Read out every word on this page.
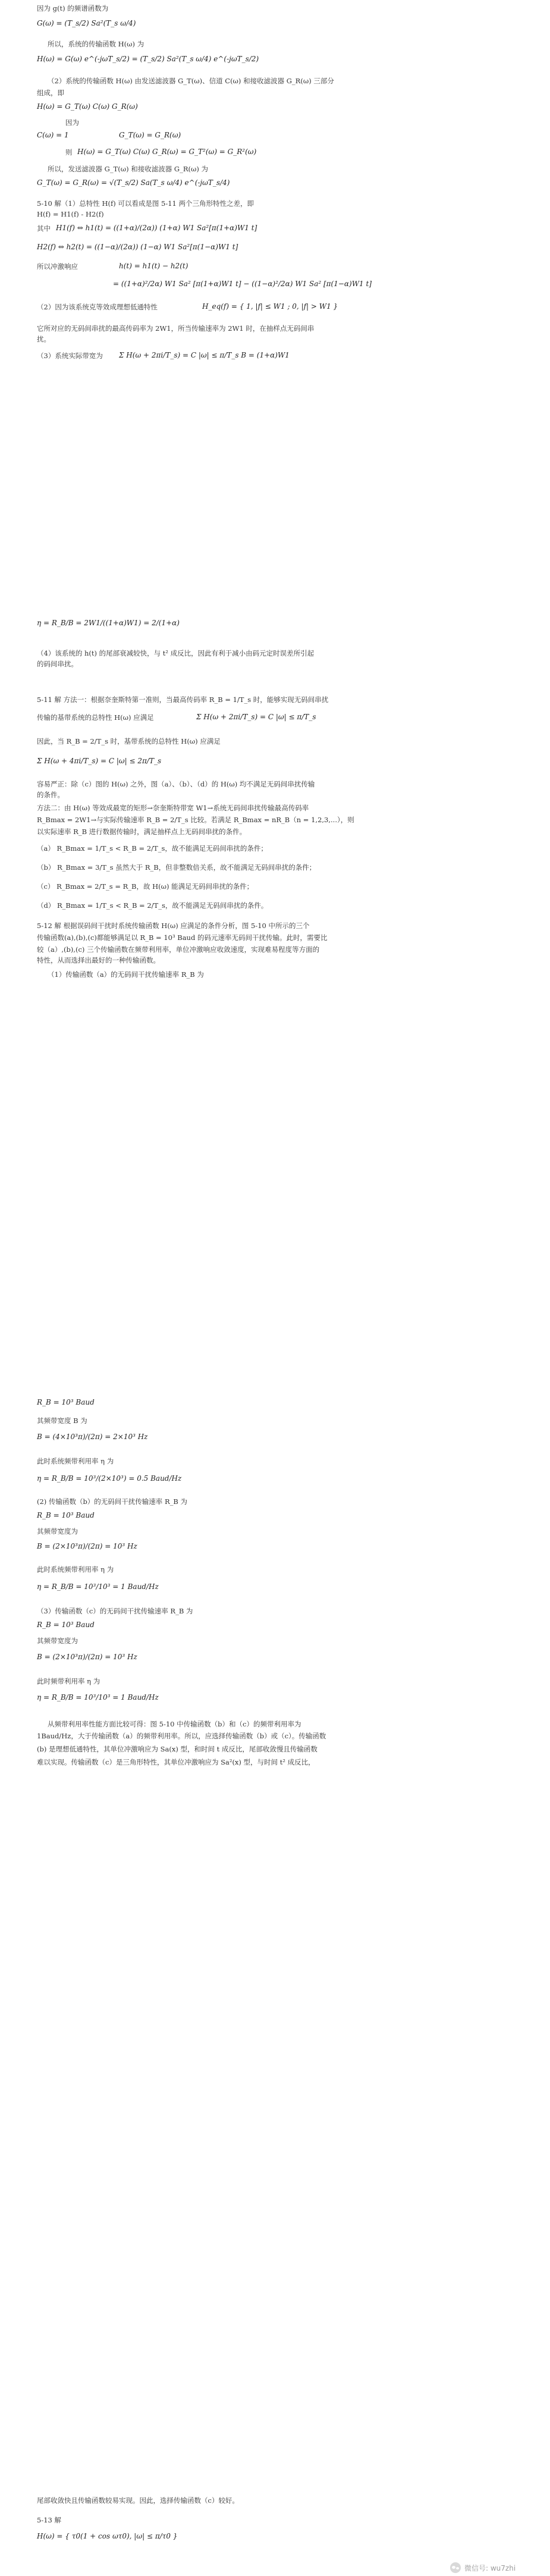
因为 g(t) 的频谱函数为
G(ω) = (T_s/2) Sa²(T_s ω/4)
所以，系统的传输函数 H(ω) 为
H(ω) = G(ω) e^(-jωT_s/2) = (T_s/2) Sa²(T_s ω/4) e^(-jωT_s/2)
（2）系统的传输函数 H(ω) 由发送滤波器 G_T(ω)、信道 C(ω) 和接收滤波器 G_R(ω) 三部分
组成，即
H(ω) = G_T(ω) C(ω) G_R(ω)
因为
C(ω) = 1	G_T(ω) = G_R(ω)
则 H(ω) = G_T(ω) C(ω) G_R(ω) = G_T²(ω) = G_R²(ω)
所以，发送滤波器 G_T(ω) 和接收滤波器 G_R(ω) 为
G_T(ω) = G_R(ω) = √(T_s/2) Sa(T_s ω/4) e^(-jωT_s/4)
5-10 解（1）总特性 H(f) 可以看成是图 5-11 两个三角形特性之差，即
H(f) = H1(f) - H2(f)
其中 H1(f) ⇔ h1(t) = ((1+α)/(2α)) (1+α) W1 Sa²[π(1+α)W1 t]
H2(f) ⇔ h2(t) = ((1−α)/(2α)) (1−α) W1 Sa²[π(1−α)W1 t]
所以冲激响应	h(t) = h1(t) − h2(t)
= ((1+α)²/2α) W1 Sa² [π(1+α)W1 t] − ((1−α)²/2α) W1 Sa² [π(1−α)W1 t]
（2）因为该系统克等效成理想低通特性	H_eq(f) = { 1, |f| ≤ W1 ; 0, |f| > W1 }
它所对应的无码间串扰的最高传码率为 2W1，所当传输速率为 2W1 时，在抽样点无码间串
扰。
（3）系统实际带宽为 Σ H(ω + 2πi/T_s) = C |ω| ≤ π/T_s B = (1+α)W1
η = R_B/B = 2W1/((1+α)W1) = 2/(1+α)
（4）该系统的 h(t) 的尾部衰减较快，与 t² 成反比，因此有利于减小由码元定时误差所引起
的码间串扰。
5-11 解 方法一：根据奈奎斯特第一准则，当最高传码率 R_B = 1/T_s 时，能够实现无码间串扰
传输的基带系统的总特性 H(ω) 应满足	Σ H(ω + 2πi/T_s) = C |ω| ≤ π/T_s
因此，当 R_B = 2/T_s 时，基带系统的总特性 H(ω) 应满足
Σ H(ω + 4πi/T_s) = C |ω| ≤ 2π/T_s
容易严正：除（c）图的 H(ω) 之外，图（a）、（b）、（d）的 H(ω) 均不满足无码间串扰传输
的条件。
方法二：由 H(ω) 等效成最宽的矩形→奈奎斯特带宽 W1→系统无码间串扰传输最高传码率
R_Bmax = 2W1→与实际传输速率 R_B = 2/T_s 比较。若满足 R_Bmax = nR_B（n = 1,2,3,...），则
以实际速率 R_B 进行数据传输时，满足抽样点上无码间串扰的条件。
（a） R_Bmax = 1/T_s < R_B = 2/T_s，故不能满足无码间串扰的条件；
（b） R_Bmax = 3/T_s 虽然大于 R_B，但非整数倍关系，故不能满足无码间串扰的条件；
（c） R_Bmax = 2/T_s = R_B，故 H(ω) 能满足无码间串扰的条件；
（d） R_Bmax = 1/T_s < R_B = 2/T_s，故不能满足无码间串扰的条件。
5-12 解 根据误码间干扰时系统传输函数 H(ω) 应满足的条件分析，图 5-10 中所示的三个
传输函数(a),(b),(c)都能够满足以 R_B = 10³ Baud 的码元速率无码间干扰传输。此时，需要比
较（a）,(b),(c) 三个传输函数在频带利用率，单位冲激响应收敛速度，实现难易程度等方面的
特性，从而选择出最好的一种传输函数。
（1）传输函数（a）的无码间干扰传输速率 R_B 为
R_B = 10³ Baud
其频带宽度 B 为
B = (4×10³π)/(2π) = 2×10³ Hz
此时系统频带利用率 η 为
η = R_B/B = 10³/(2×10³) = 0.5 Baud/Hz
(2) 传输函数（b）的无码间干扰传输速率 R_B 为
R_B = 10³ Baud
其频带宽度为
B = (2×10³π)/(2π) = 10³ Hz
此时系统频带利用率 η 为
η = R_B/B = 10³/10³ = 1 Baud/Hz
（3）传输函数（c）的无码间干扰传输速率 R_B 为
R_B = 10³ Baud
其频带宽度为
B = (2×10³π)/(2π) = 10³ Hz
此时频带利用率 η 为
η = R_B/B = 10³/10³ = 1 Baud/Hz
从频带利用率性能方面比较可得：图 5-10 中传输函数（b）和（c）的频带利用率为
1Baud/Hz，大于传输函数（a）的频带利用率。所以，应选择传输函数（b）或（c）。传输函数
(b) 是理想低通特性，其单位冲激响应为 Sa(x) 型，和时间 t 成反比，尾部收敛慢且传输函数
难以实现。传输函数（c）是三角形特性，其单位冲激响应为 Sa²(x) 型，与时间 t² 成反比，
尾部收敛快且传输函数较易实现。因此，选择传输函数（c）较好。
5-13 解
H(ω) = { τ0(1 + cos ωτ0), |ω| ≤ π/τ0 }
微信号: wu7zhi
